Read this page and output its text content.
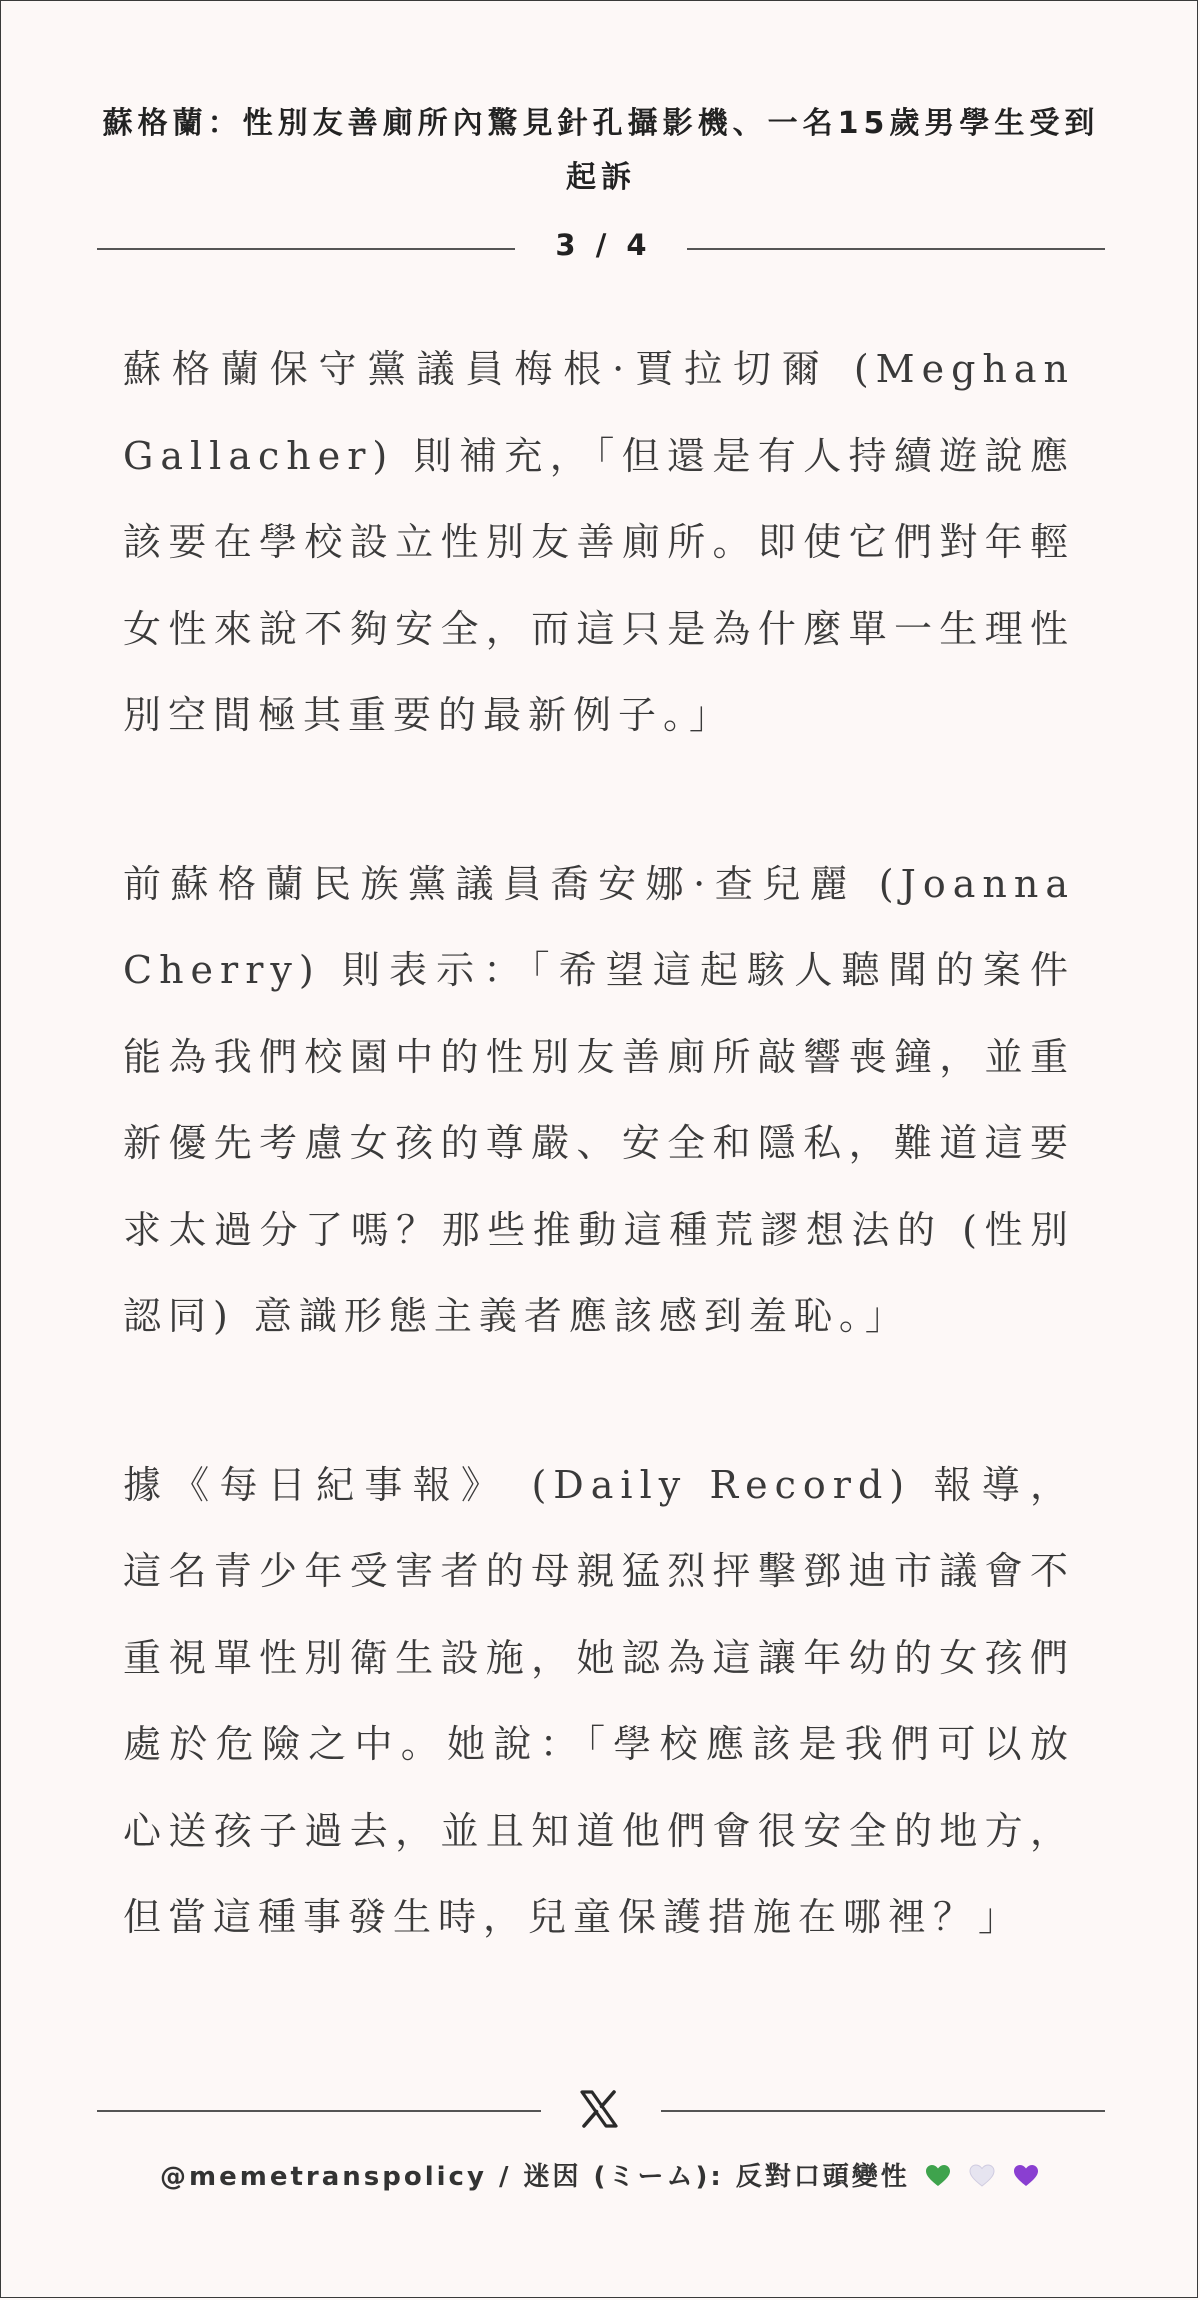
蘇格蘭：性別友善廁所內驚見針孔攝影機、一名15歲男學生受到起訴
3 / 4

蘇格蘭保守黨議員梅根·賈拉切爾 (Meghan Gallacher) 則補充，「但還是有人持續遊說應該要在學校設立性別友善廁所。即使它們對年輕女性來說不夠安全，而這只是為什麼單一生理性別空間極其重要的最新例子。」

前蘇格蘭民族黨議員喬安娜·查兒麗 (Joanna Cherry) 則表示：「希望這起駭人聽聞的案件能為我們校園中的性別友善廁所敲響喪鐘，並重新優先考慮女孩的尊嚴、安全和隱私，難道這要求太過分了嗎？那些推動這種荒謬想法的 (性別認同) 意識形態主義者應該感到羞恥。」

據《每日紀事報》 (Daily Record) 報導，這名青少年受害者的母親猛烈抨擊鄧迪市議會不重視單性別衛生設施，她認為這讓年幼的女孩們處於危險之中。她說：「學校應該是我們可以放心送孩子過去，並且知道他們會很安全的地方，但當這種事發生時，兒童保護措施在哪裡？」

@memetranspolicy / 迷因 (ミーム): 反對口頭變性
